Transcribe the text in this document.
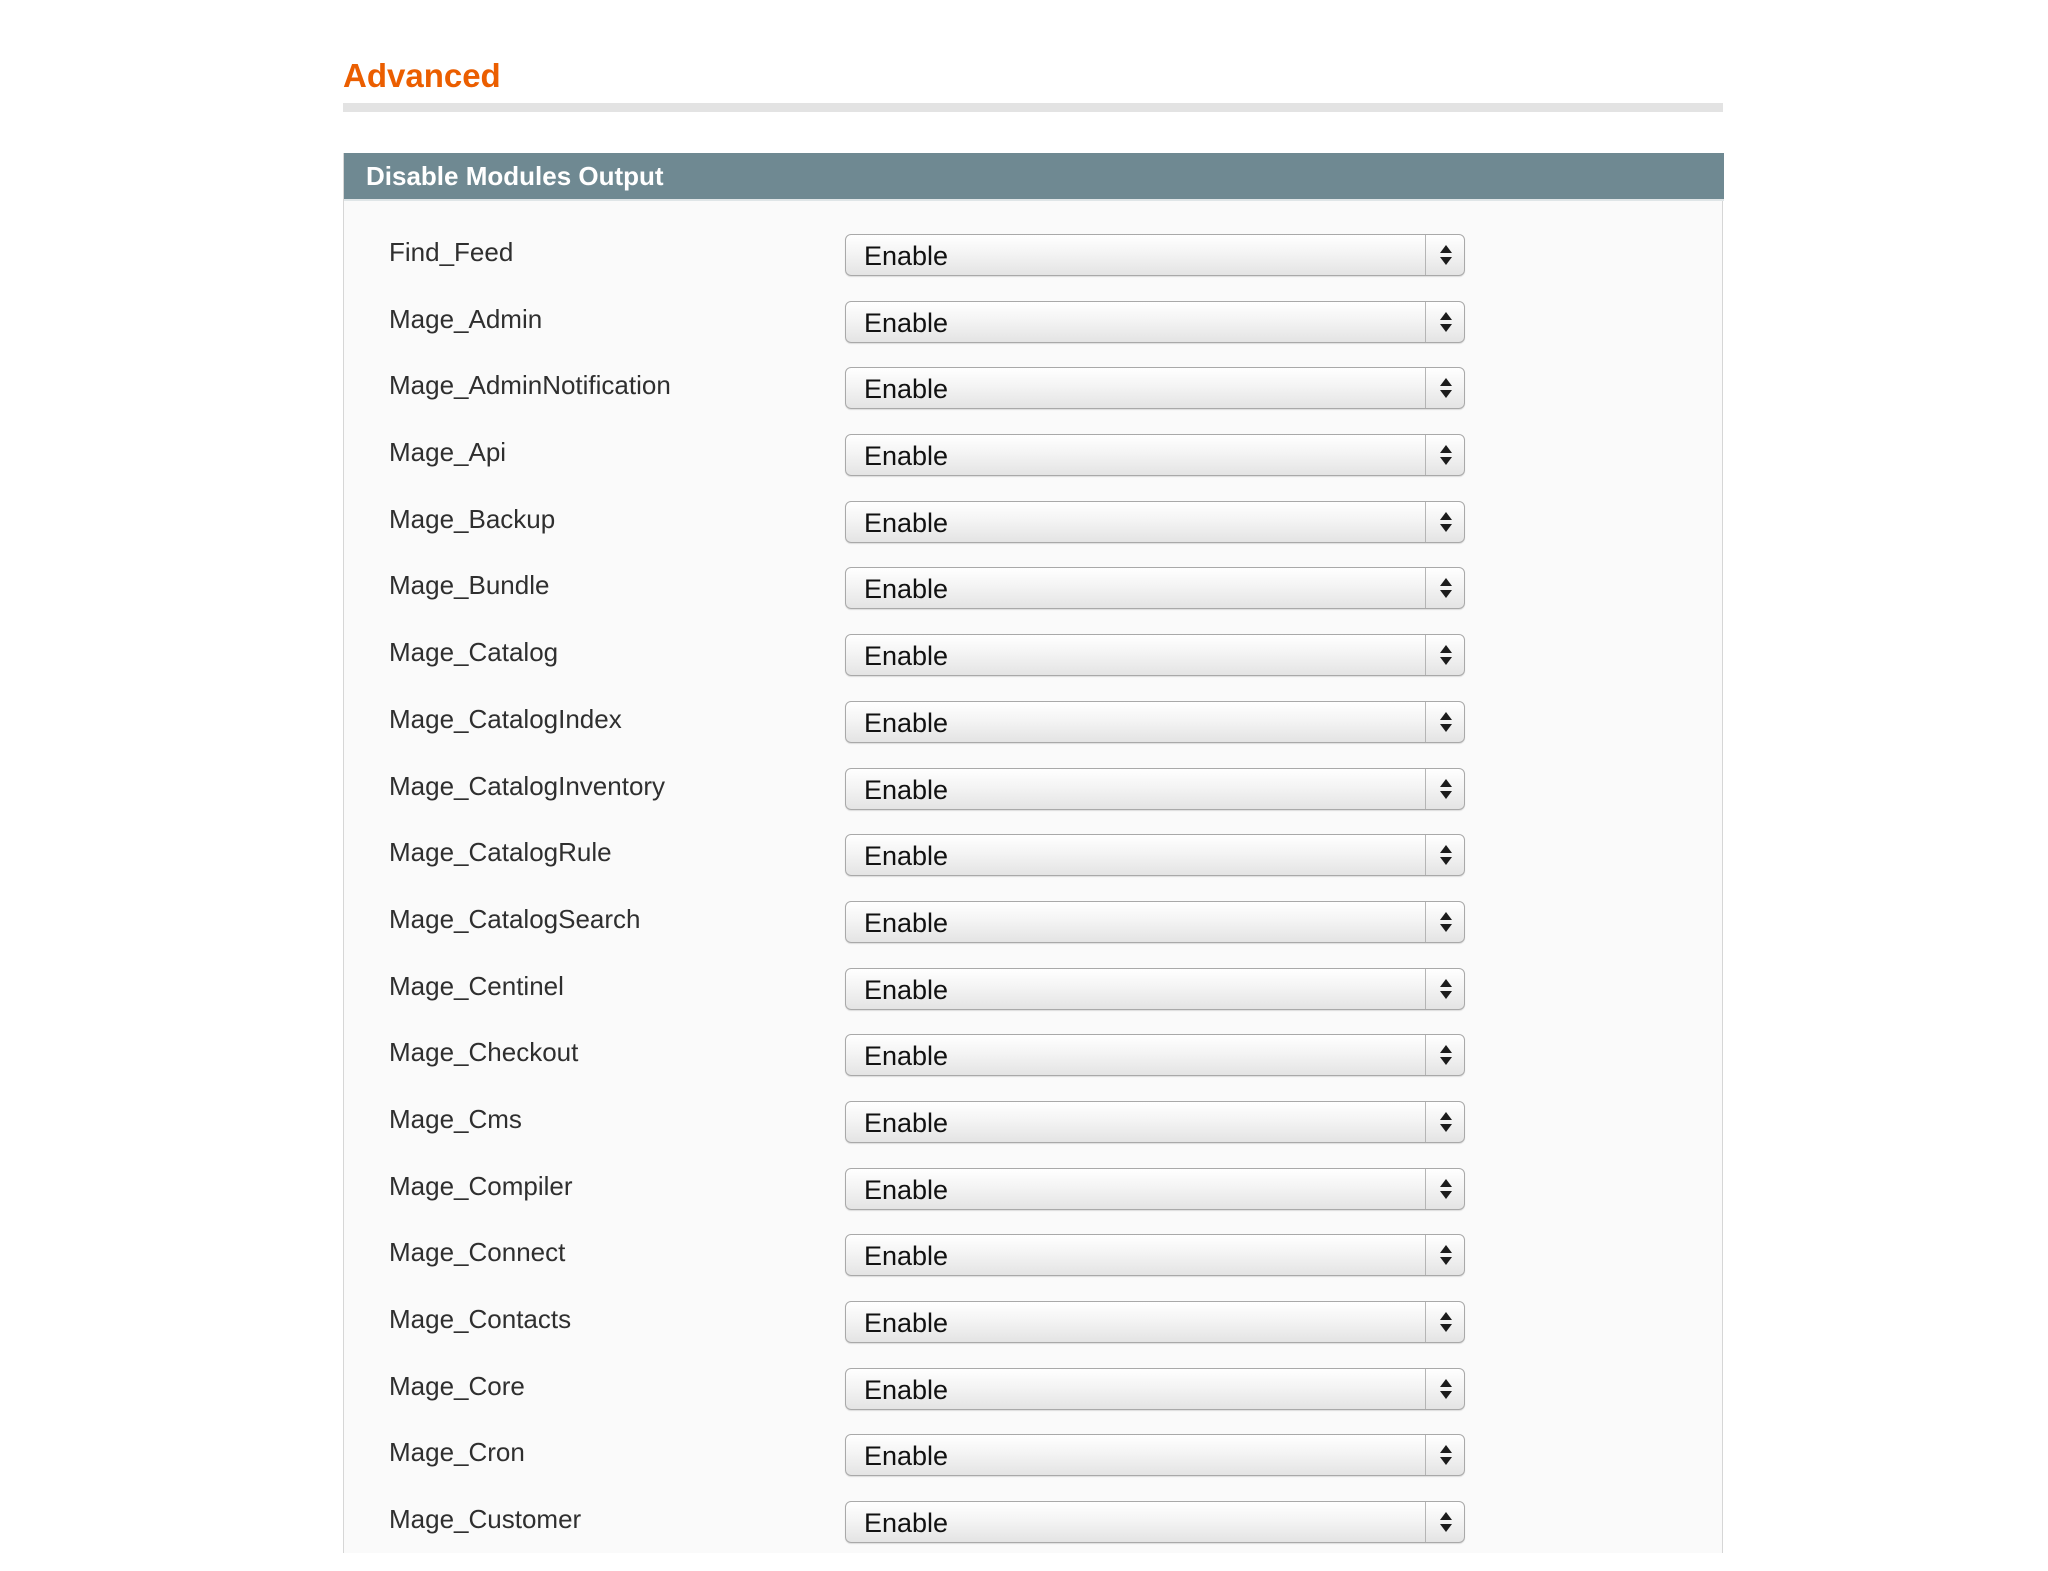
Advanced
Disable Modules Output
Find_Feed	Enable
Mage_Admin	Enable
Mage_AdminNotification	Enable
Mage_Api	Enable
Mage_Backup	Enable
Mage_Bundle	Enable
Mage_Catalog	Enable
Mage_CatalogIndex	Enable
Mage_CatalogInventory	Enable
Mage_CatalogRule	Enable
Mage_CatalogSearch	Enable
Mage_Centinel	Enable
Mage_Checkout	Enable
Mage_Cms	Enable
Mage_Compiler	Enable
Mage_Connect	Enable
Mage_Contacts	Enable
Mage_Core	Enable
Mage_Cron	Enable
Mage_Customer	Enable
